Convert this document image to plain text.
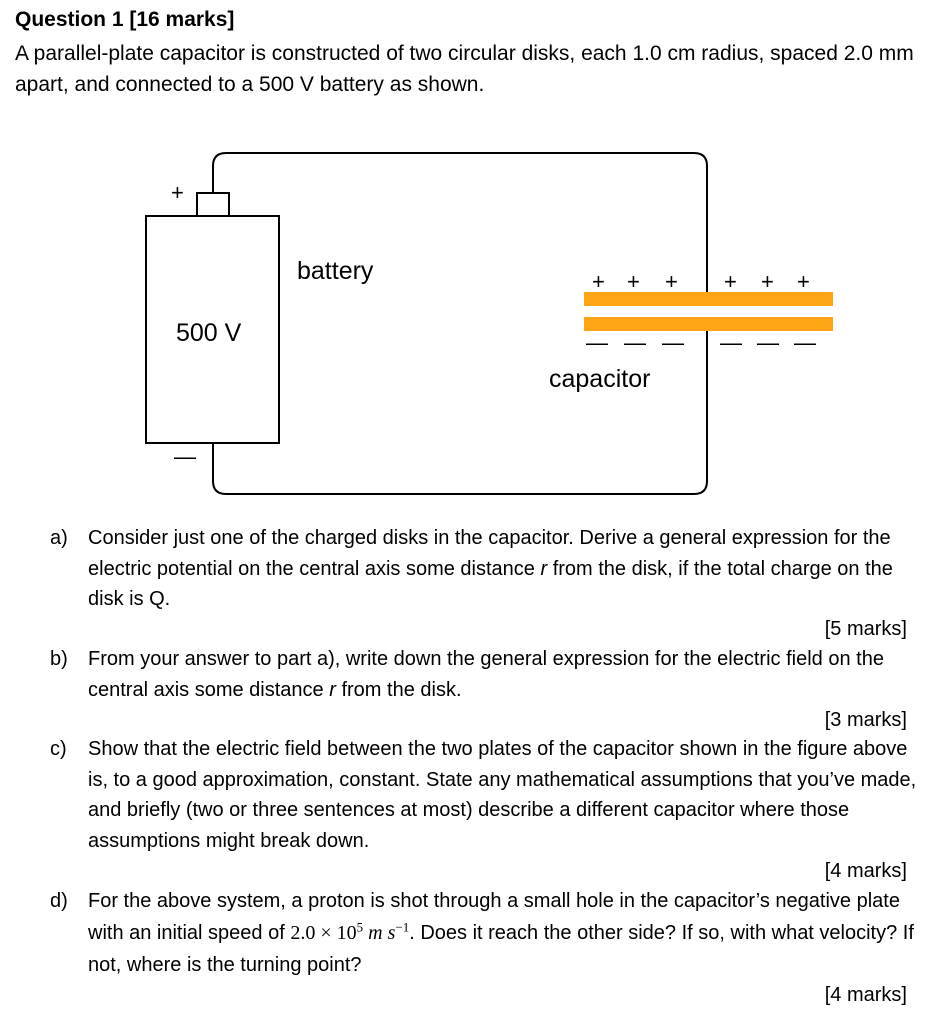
Question 1 [16 marks]
A parallel-plate capacitor is constructed of two circular disks, each 1.0 cm radius, spaced 2.0 mm apart, and connected to a 500 V battery as shown.
+
—
500 V
battery
capacitor
+ + + + + +
— — — — — —
a) Consider just one of the charged disks in the capacitor. Derive a general expression for the electric potential on the central axis some distance r from the disk, if the total charge on the disk is Q.
[5 marks]
b) From your answer to part a), write down the general expression for the electric field on the central axis some distance r from the disk.
[3 marks]
c) Show that the electric field between the two plates of the capacitor shown in the figure above is, to a good approximation, constant. State any mathematical assumptions that you’ve made, and briefly (two or three sentences at most) describe a different capacitor where those assumptions might break down.
[4 marks]
d) For the above system, a proton is shot through a small hole in the capacitor’s negative plate with an initial speed of $2.0 \times 10^5$ m $s^{-1}$. Does it reach the other side? If so, with what velocity? If not, where is the turning point?
[4 marks]
